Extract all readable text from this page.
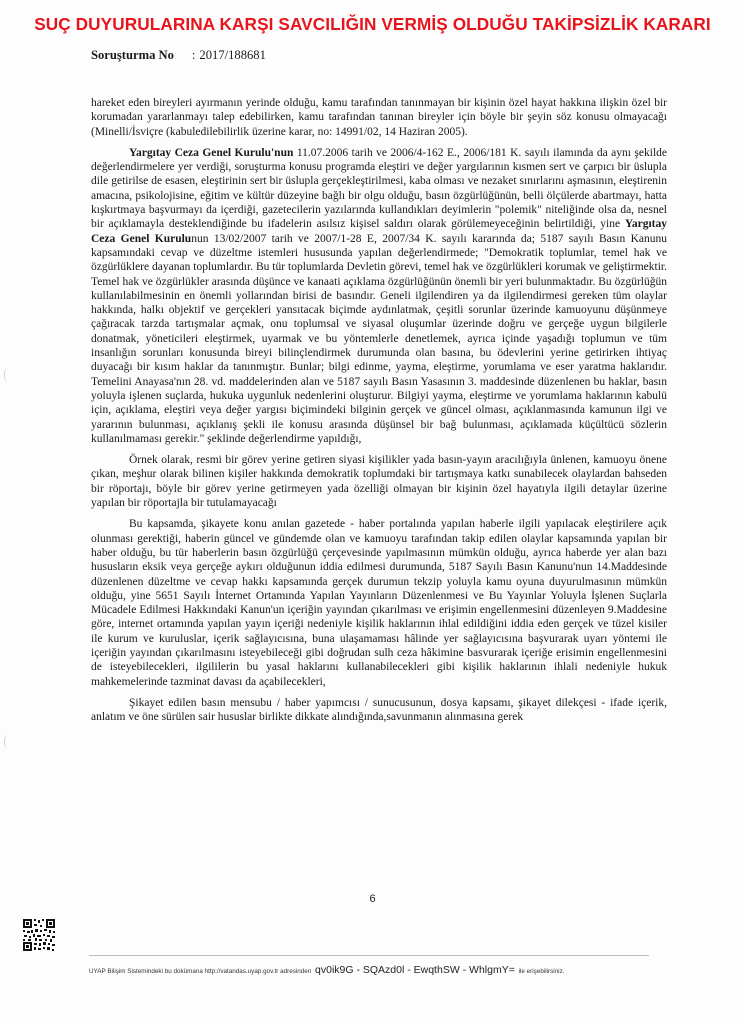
SUÇ DUYURULARINA KARŞI SAVCILIĞIN VERMİŞ OLDUĞU TAKİPSİZLİK KARARI
Soruşturma No : 2017/188681

hareket eden bireyleri ayırmanın yerinde olduğu, kamu tarafından tanınmayan bir kişinin özel hayat hakkına ilişkin özel bir korumadan yararlanmayı talep edebilirken, kamu tarafından tanınan bireyler için böyle bir şeyin söz konusu olmayacağı (Minelli/İsviçre (kabuledilebilirlik üzerine karar, no: 14991/02, 14 Haziran 2005).

Yargıtay Ceza Genel Kurulu'nun 11.07.2006 tarih ve 2006/4-162 E., 2006/181 K. sayılı ilamında da aynı şekilde değerlendirmelere yer verdiği, soruşturma konusu programda eleştiri ve değer yargılarının kısmen sert ve çarpıcı bir üslupla dile getirilse de esasen, eleştirinin sert bir üslupla gerçekleştirilmesi, kaba olması ve nezaket sınırlarını aşmasının, eleştirenin amacına, psikolojisine, eğitim ve kültür düzeyine bağlı bir olgu olduğu, basın özgürlüğünün, belli ölçülerde abartmayı, hatta kışkırtmaya başvurmayı da içerdiği, gazetecilerin yazılarında kullandıkları deyimlerin "polemik" niteliğinde olsa da, nesnel bir açıklamayla desteklendiğinde bu ifadelerin asılsız kişisel saldırı olarak görülemeyeceğinin belirtildiği, yine Yargıtay Ceza Genel Kurulunun 13/02/2007 tarih ve 2007/1-28 E, 2007/34 K. sayılı kararında da; 5187 sayılı Basın Kanunu kapsamındaki cevap ve düzeltme istemleri hususunda yapılan değerlendirmede; "Demokratik toplumlar, temel hak ve özgürlüklere dayanan toplumlardır. Bu tür toplumlarda Devletin görevi, temel hak ve özgürlükleri korumak ve geliştirmektir. Temel hak ve özgürlükler arasında düşünce ve kanaati açıklama özgürlüğünün önemli bir yeri bulunmaktadır. Bu özgürlüğün kullanılabilmesinin en önemli yollarından birisi de basındır. Geneli ilgilendiren ya da ilgilendirmesi gereken tüm olaylar hakkında, halkı objektif ve gerçekleri yansıtacak biçimde aydınlatmak, çeşitli sorunlar üzerinde kamuoyunu düşünmeye çağıracak tarzda tartışmalar açmak, onu toplumsal ve siyasal oluşumlar üzerinde doğru ve gerçeğe uygun bilgilerle donatmak, yöneticileri eleştirmek, uyarmak ve bu yöntemlerle denetlemek, ayrıca içinde yaşadığı toplumun ve tüm insanlığın sorunları konusunda bireyi bilinçlendirmek durumunda olan basına, bu ödevlerini yerine getirirken ihtiyaç duyacağı bir kısım haklar da tanınmıştır. Bunlar; bilgi edinme, yayma, eleştirme, yorumlama ve eser yaratma haklarıdır. Temelini Anayasa'nın 28. vd. maddelerinden alan ve 5187 sayılı Basın Yasasının 3. maddesinde düzenlenen bu haklar, basın yoluyla işlenen suçlarda, hukuka uygunluk nedenlerini oluşturur. Bilgiyi yayma, eleştirme ve yorumlama haklarının kabulü için, açıklama, eleştiri veya değer yargısı biçimindeki bilginin gerçek ve güncel olması, açıklanmasında kamunun ilgi ve yararının bulunması, açıklanış şekli ile konusu arasında düşünsel bir bağ bulunması, açıklamada küçültücü sözlerin kullanılmaması gerekir." şeklinde değerlendirme yapıldığı,

Örnek olarak, resmi bir görev yerine getiren siyasi kişilikler yada basın-yayın aracılığıyla ünlenen, kamuoyu önene çıkan, meşhur olarak bilinen kişiler hakkında demokratik toplumdaki bir tartışmaya katkı sunabilecek olaylardan bahseden bir röportajı, böyle bir görev yerine getirmeyen yada özelliği olmayan bir kişinin özel hayatıyla ilgili detaylar üzerine yapılan bir röportajla bir tutulamayacağı

Bu kapsamda, şikayete konu anılan gazetede - haber portalında yapılan haberle ilgili yapılacak eleştirilere açık olunması gerektiği, haberin güncel ve gündemde olan ve kamuoyu tarafından takip edilen olaylar kapsamında yapılan bir haber olduğu, bu tür haberlerin basın özgürlüğü çerçevesinde yapılmasının mümkün olduğu, ayrıca haberde yer alan bazı hususların eksik veya gerçeğe aykırı olduğunun iddia edilmesi durumunda, 5187 Sayılı Basın Kanunu'nun 14.Maddesinde düzenlenen düzeltme ve cevap hakkı kapsamında gerçek durumun tekzip yoluyla kamu oyuna duyurulmasının mümkün olduğu, yine 5651 Sayılı İnternet Ortamında Yapılan Yayınların Düzenlenmesi ve Bu Yayınlar Yoluyla İşlenen Suçlarla Mücadele Edilmesi Hakkındaki Kanun'un içeriğin yayından çıkarılması ve erişimin engellenmesini düzenleyen 9.Maddesine göre, internet ortamında yapılan yayın içeriği nedeniyle kişilik haklarının ihlal edildiğini iddia eden gerçek ve tüzel kisiler ile kurum ve kuruluslar, içerik sağlayıcısına, buna ulaşamaması hâlinde yer sağlayıcısına başvurarak uyarı yöntemi ile içeriğin yayından çıkarılmasını isteyebileceği gibi doğrudan sulh ceza hâkimine basvurarak içeriğe erisimin engellenmesini de isteyebilecekleri, ilgililerin bu yasal haklarını kullanabilecekleri gibi kişilik haklarının ihlali nedeniyle hukuk mahkemelerinde tazminat davası da açabilecekleri,

Şikayet edilen basın mensubu / haber yapımcısı / sunucusunun, dosya kapsamı, şikayet dilekçesi - ifade içerik, anlatım ve öne sürülen sair hususlar birlikte dikkate alındığında,savunmanın alınmasına gerek

6
UYAP Bilişim Sistemindeki bu dokümana http://vatandas.uyap.gov.tr adresinden qv0ik9G - SQAzd0l - EwqthSW - WhlgmY= ile erişebilirsiniz.
